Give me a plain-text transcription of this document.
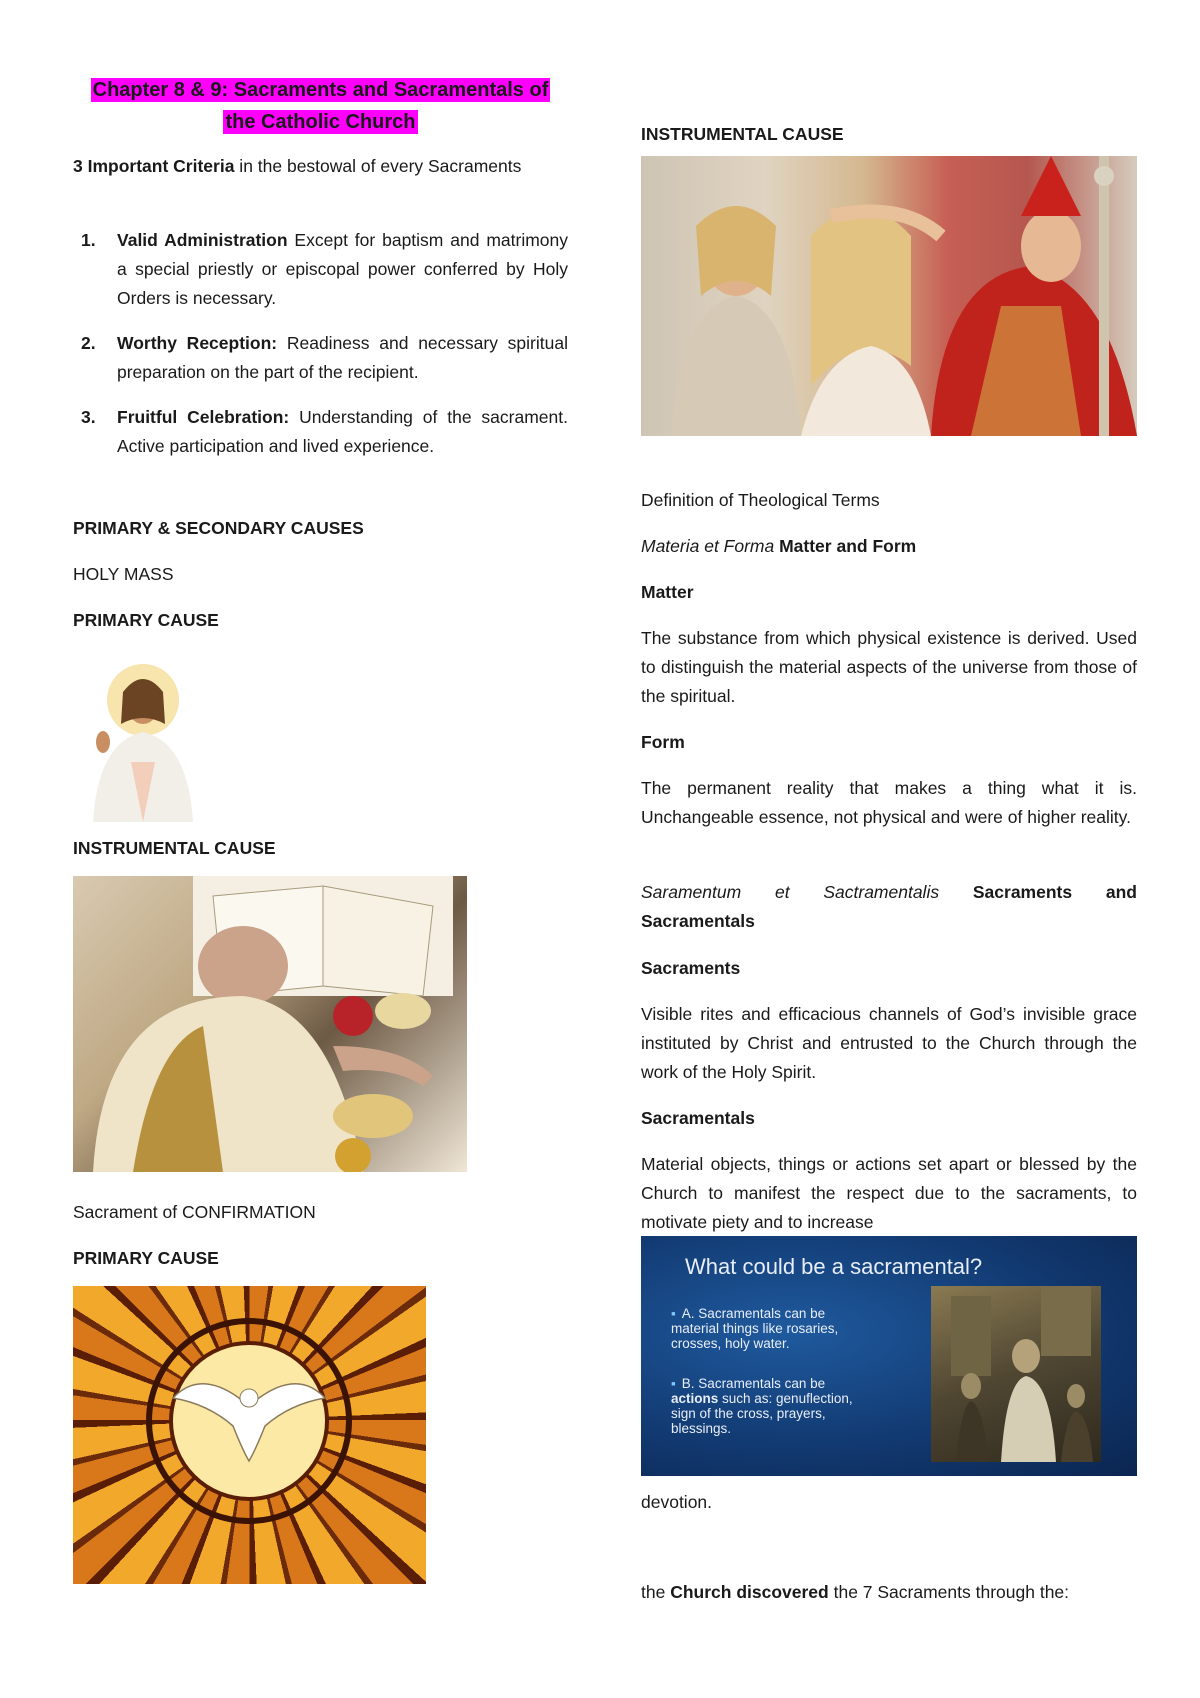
Chapter 8 & 9: Sacraments and Sacramentals of
the Catholic Church

3 Important Criteria in the bestowal of every Sacraments

1. Valid Administration Except for baptism and matrimony a special priestly or episcopal power conferred by Holy Orders is necessary.
2. Worthy Reception: Readiness and necessary spiritual preparation on the part of the recipient.
3. Fruitful Celebration: Understanding of the sacrament. Active participation and lived experience.

PRIMARY & SECONDARY CAUSES

HOLY MASS

PRIMARY CAUSE

INSTRUMENTAL CAUSE

Sacrament of CONFIRMATION

PRIMARY CAUSE

INSTRUMENTAL CAUSE

Definition of Theological Terms

Materia et Forma Matter and Form

Matter

The substance from which physical existence is derived. Used to distinguish the material aspects of the universe from those of the spiritual.

Form

The permanent reality that makes a thing what it is. Unchangeable essence, not physical and were of higher reality.

Saramentum et Sactramentalis Sacraments and Sacramentals

Sacraments

Visible rites and efficacious channels of God’s invisible grace instituted by Christ and entrusted to the Church through the work of the Holy Spirit.

Sacramentals

Material objects, things or actions set apart or blessed by the Church to manifest the respect due to the sacraments, to motivate piety and to increase

What could be a sacramental?
▪ A. Sacramentals can be material things like rosaries, crosses, holy water.
▪ B. Sacramentals can be actions such as: genuflection, sign of the cross, prayers, blessings.

devotion.

the Church discovered the 7 Sacraments through the:
